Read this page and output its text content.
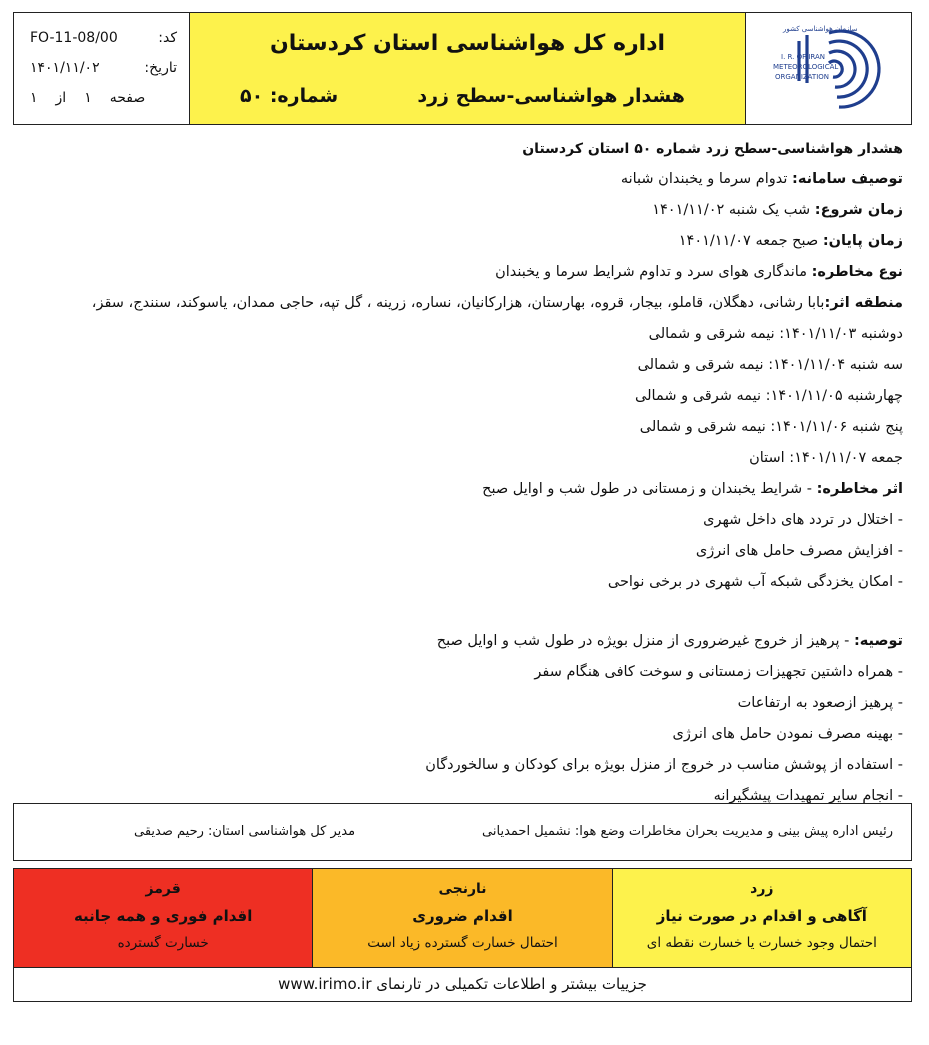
FO-11-08/00	کد:
۱۴۰۱/۱۱/۰۲	تاریخ:
صفحه
۱
از
۱
اداره کل هواشناسی استان کردستان
هشدار هواشناسی-سطح زرد
شماره: ۵۰
I. R. OF IRAN
METEOROLOGICAL
ORGANIZATION
سازمان هواشناسی کشور
هشدار هواشناسی-سطح زرد شماره ۵۰ استان کردستان
توصیف سامانه: تدوام سرما و یخبندان شبانه
زمان شروع: شب یک شنبه ۱۴۰۱/۱۱/۰۲
زمان پایان: صبح جمعه ۱۴۰۱/۱۱/۰۷
نوع مخاطره: ماندگاری هوای سرد و تداوم شرایط سرما و یخبندان
منطقه اثر:بابا رشانی، دهگلان، قاملو، بیجار، قروه، بهارستان، هزارکانیان، نساره، زرینه ، گل تپه، حاجی ممدان، یاسوکند، سنندج، سقز،
دوشنبه ۱۴۰۱/۱۱/۰۳: نیمه شرقی و شمالی
سه شنبه ۱۴۰۱/۱۱/۰۴: نیمه شرقی و شمالی
چهارشنبه ۱۴۰۱/۱۱/۰۵: نیمه شرقی و شمالی
پنج شنبه ۱۴۰۱/۱۱/۰۶: نیمه شرقی و شمالی
جمعه ۱۴۰۱/۱۱/۰۷: استان
اثر مخاطره: - شرایط یخبندان و زمستانی در طول شب و اوایل صبح
- اختلال در تردد های داخل شهری
- افزایش مصرف حامل های انرژی
- امکان یخزدگی شبکه آب شهری در برخی نواحی
توصیه: - پرهیز از خروج غیرضروری از منزل بویژه در طول شب و اوایل صبح
- همراه داشتین تجهیزات زمستانی و سوخت کافی هنگام سفر
- پرهیز ازصعود به ارتفاعات
- بهینه مصرف نمودن حامل های انرژی
- استفاده از پوشش مناسب در خروج از منزل بویژه برای کودکان و سالخوردگان
- انجام سایر تمهیدات پیشگیرانه
رئیس اداره پیش بینی و مدیریت بحران مخاطرات وضع هوا: نشمیل احمدیانی
مدیر کل هواشناسی استان: رحیم صدیقی
قرمز
اقدام فوری و همه جانبه
خسارت گسترده
نارنجی
اقدام ضروری
احتمال خسارت گسترده زیاد است
زرد
آگاهی و اقدام در صورت نیاز
احتمال وجود خسارت یا خسارت نقطه ای
جزییات بیشتر و اطلاعات تکمیلی در تارنمای www.irimo.ir
